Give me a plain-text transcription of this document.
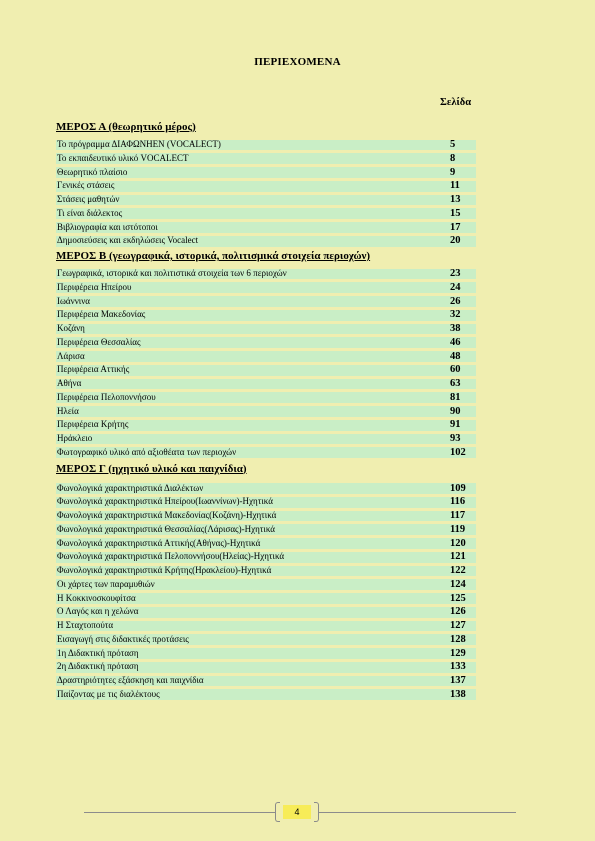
ΠΕΡΙΕΧΟΜΕΝΑ
Σελίδα
ΜΕΡΟΣ Α (θεωρητικό μέρος)
Το πρόγραμμα ΔΙΑΦΩΝΗΕΝ (VOCALECT)	5
Το εκπαιδευτικό υλικό VOCALECT	8
Θεωρητικό πλαίσιο	9
Γενικές στάσεις	11
Στάσεις μαθητών	13
Τι είναι διάλεκτος	15
Βιβλιογραφία και ιστότοποι	17
Δημοσιεύσεις και εκδηλώσεις Vocalect	20
ΜΕΡΟΣ Β (γεωγραφικά, ιστορικά, πολιτισμικά στοιχεία περιοχών)
Γεωγραφικά, ιστορικά και πολιτιστικά στοιχεία των 6 περιοχών	23
Περιφέρεια Ηπείρου	24
Ιωάννινα	26
Περιφέρεια Μακεδονίας	32
Κοζάνη	38
Περιφέρεια Θεσσαλίας	46
Λάρισα	48
Περιφέρεια Αττικής	60
Αθήνα	63
Περιφέρεια Πελοποννήσου	81
Ηλεία	90
Περιφέρεια Κρήτης	91
Ηράκλειο	93
Φωτογραφικό υλικό από αξιοθέατα των περιοχών	102
ΜΕΡΟΣ Γ (ηχητικό υλικό και παιχνίδια)
Φωνολογικά χαρακτηριστικά Διαλέκτων	109
Φωνολογικά χαρακτηριστικά Ηπείρου(Ιωαννίνων)-Ηχητικά	116
Φωνολογικά χαρακτηριστικά Μακεδονίας(Κοζάνη)-Ηχητικά	117
Φωνολογικά χαρακτηριστικά Θεσσαλίας(Λάρισας)-Ηχητικά	119
Φωνολογικά χαρακτηριστικά Αττικής(Αθήνας)-Ηχητικά	120
Φωνολογικά χαρακτηριστικά Πελοποννήσου(Ηλείας)-Ηχητικά	121
Φωνολογικά χαρακτηριστικά Κρήτης(Ηρακλείου)-Ηχητικά	122
Οι χάρτες των παραμυθιών	124
Η Κοκκινοσκουφίτσα	125
Ο Λαγός και η χελώνα	126
Η Σταχτοπούτα	127
Εισαγωγή στις διδακτικές προτάσεις	128
1η Διδακτική πρόταση	129
2η Διδακτική πρόταση	133
Δραστηριότητες εξάσκηση και παιχνίδια	137
Παίζοντας με τις διαλέκτους	138
4
